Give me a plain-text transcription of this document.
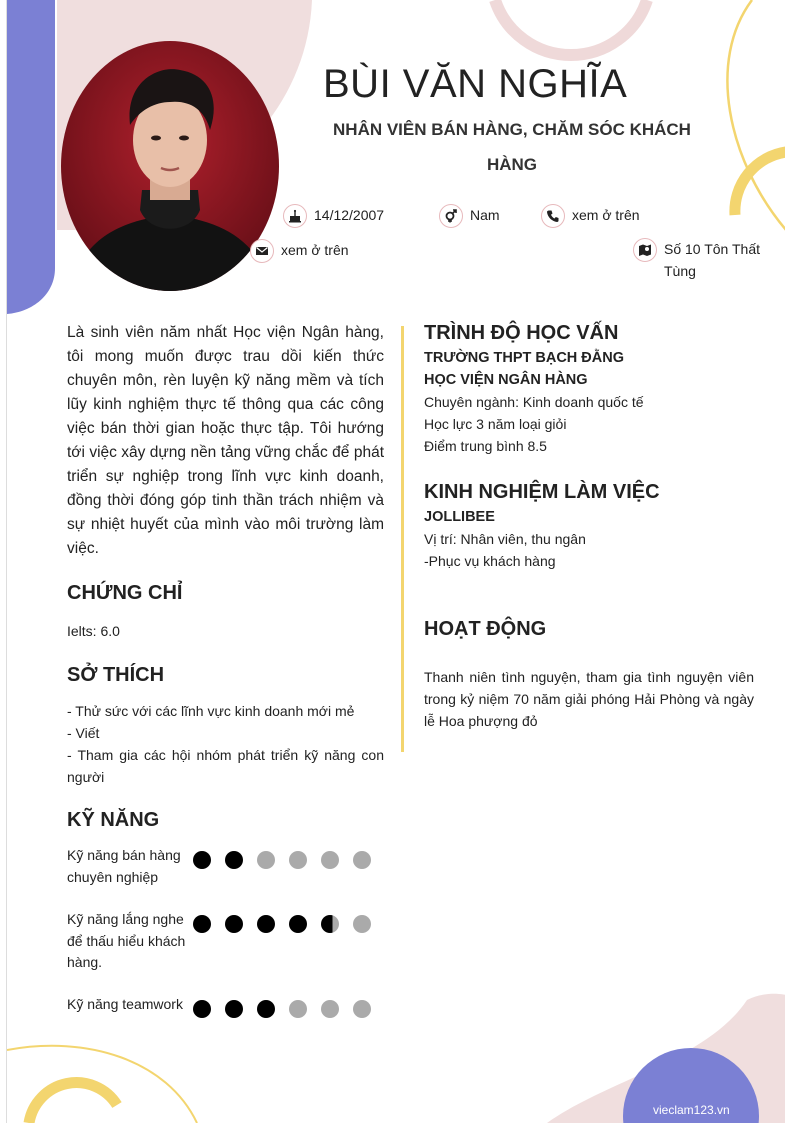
BÙI VĂN NGHĨA
NHÂN VIÊN BÁN HÀNG, CHĂM SÓC KHÁCH HÀNG
14/12/2007	Nam	xem ở trên
xem ở trên	Số 10 Tôn Thất Tùng
Là sinh viên năm nhất Học viện Ngân hàng, tôi mong muốn được trau dồi kiến thức chuyên môn, rèn luyện kỹ năng mềm và tích lũy kinh nghiệm thực tế thông qua các công việc bán thời gian hoặc thực tập. Tôi hướng tới việc xây dựng nền tảng vững chắc để phát triển sự nghiệp trong lĩnh vực kinh doanh, đồng thời đóng góp tinh thần trách nhiệm và sự nhiệt huyết của mình vào môi trường làm việc.
CHỨNG CHỈ
Ielts: 6.0
SỞ THÍCH
- Thử sức với các lĩnh vực kinh doanh mới mẻ
- Viết
- Tham gia các hội nhóm phát triển kỹ năng con người
KỸ NĂNG
Kỹ năng bán hàng chuyên nghiệp
Kỹ năng lắng nghe để thấu hiểu khách hàng.
Kỹ năng teamwork
TRÌNH ĐỘ HỌC VẤN
TRƯỜNG THPT BẠCH ĐẰNG
HỌC VIỆN NGÂN HÀNG
Chuyên ngành: Kinh doanh quốc tế
Học lực 3 năm loại giỏi
Điểm trung bình 8.5
KINH NGHIỆM LÀM VIỆC
JOLLIBEE
Vị trí: Nhân viên, thu ngân
-Phục vụ khách hàng
HOẠT ĐỘNG
Thanh niên tình nguyện, tham gia tình nguyện viên trong kỷ niệm 70 năm giải phóng Hải Phòng và ngày lễ Hoa phượng đỏ
vieclam123.vn
